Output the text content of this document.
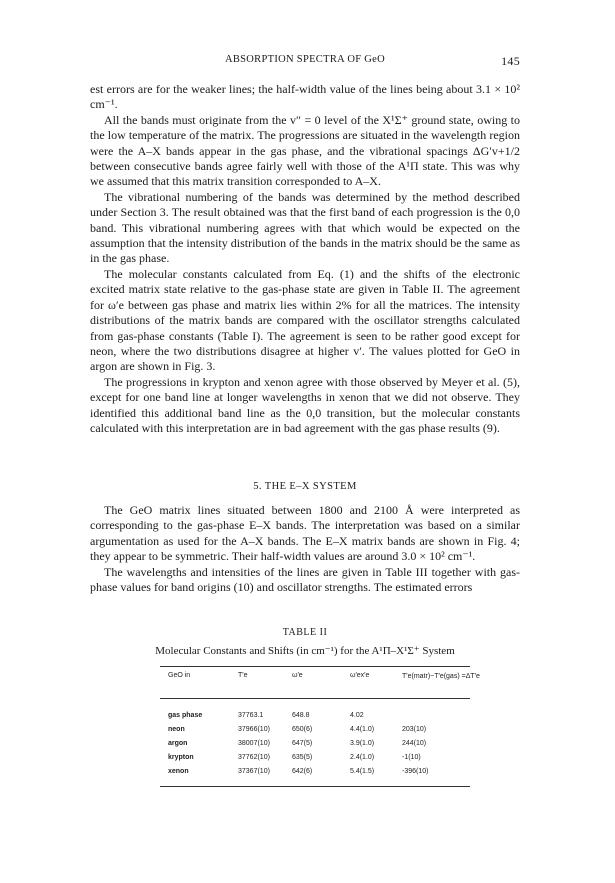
ABSORPTION SPECTRA OF GeO	145

est errors are for the weaker lines; the half-width value of the lines being about 3.1 × 10² cm⁻¹.

All the bands must originate from the v″ = 0 level of the X¹Σ⁺ ground state, owing to the low temperature of the matrix. The progressions are situated in the wavelength region were the A–X bands appear in the gas phase, and the vibrational spacings ΔG′v+1/2 between consecutive bands agree fairly well with those of the A¹Π state. This was why we assumed that this matrix transition corresponded to A–X.

The vibrational numbering of the bands was determined by the method described under Section 3. The result obtained was that the first band of each progression is the 0,0 band. This vibrational numbering agrees with that which would be expected on the assumption that the intensity distribution of the bands in the matrix should be the same as in the gas phase.

The molecular constants calculated from Eq. (1) and the shifts of the electronic excited matrix state relative to the gas-phase state are given in Table II. The agreement for ω′e between gas phase and matrix lies within 2% for all the matrices. The intensity distributions of the matrix bands are compared with the oscillator strengths calculated from gas-phase constants (Table I). The agreement is seen to be rather good except for neon, where the two distributions disagree at higher v′. The values plotted for GeO in argon are shown in Fig. 3.

The progressions in krypton and xenon agree with those observed by Meyer et al. (5), except for one band line at longer wavelengths in xenon that we did not observe. They identified this additional band line as the 0,0 transition, but the molecular constants calculated with this interpretation are in bad agreement with the gas phase results (9).

5. THE E–X SYSTEM

The GeO matrix lines situated between 1800 and 2100 Å were interpreted as corresponding to the gas-phase E–X bands. The interpretation was based on a similar argumentation as used for the A–X bands. The E–X matrix bands are shown in Fig. 4; they appear to be symmetric. Their half-width values are around 3.0 × 10² cm⁻¹.

The wavelengths and intensities of the lines are given in Table III together with gas-phase values for band origins (10) and oscillator strengths. The estimated errors

TABLE II
Molecular Constants and Shifts (in cm⁻¹) for the A¹Π–X¹Σ⁺ System
GeO in	T′e	ω′e	ω′ex′e	T′e(matr)−T′e(gas) =ΔT′e
gas phase	37763.1	648.8	4.02
neon	37966(10)	650(6)	4.4(1.0)	203(10)
argon	38007(10)	647(5)	3.9(1.0)	244(10)
krypton	37762(10)	635(5)	2.4(1.0)	-1(10)
xenon	37367(10)	642(6)	5.4(1.5)	-396(10)
